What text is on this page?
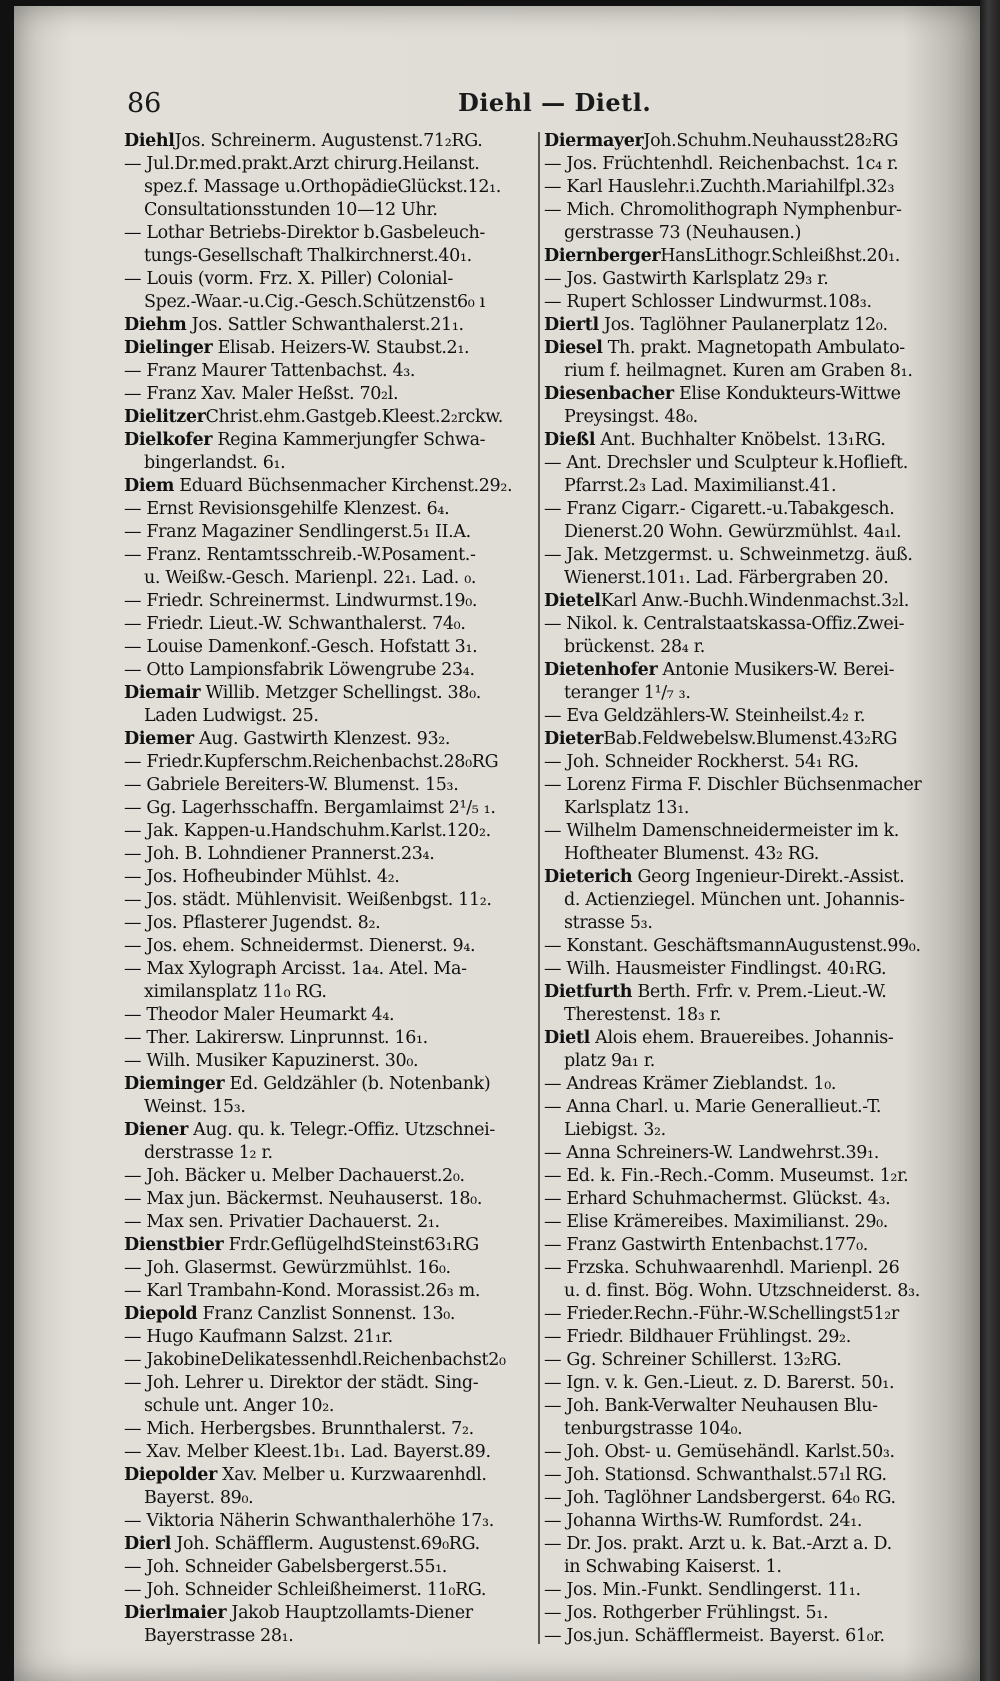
86	Diehl — Dietl.
DiehlJos. Schreinerm. Augustenst.71₂RG.
— Jul.Dr.med.prakt.Arzt chirurg.Heilanst.
spez.f. Massage u.OrthopädieGlückst.12₁.
Consultationsstunden 10—12 Uhr.
— Lothar Betriebs-Direktor b.Gasbeleuch-
tungs-Gesellschaft Thalkirchnerst.40₁.
— Louis (vorm. Frz. X. Piller) Colonial-
Spez.-Waar.-u.Cig.-Gesch.Schützenst6₀ ı
Diehm Jos. Sattler Schwanthalerst.21₁.
Dielinger Elisab. Heizers-W. Staubst.2₁.
— Franz Maurer Tattenbachst. 4₃.
— Franz Xav. Maler Heßst. 70₂l.
DielitzerChrist.ehm.Gastgeb.Kleest.2₂rckw.
Dielkofer Regina Kammerjungfer Schwa-
bingerlandst. 6₁.
Diem Eduard Büchsenmacher Kirchenst.29₂.
— Ernst Revisionsgehilfe Klenzest. 6₄.
— Franz Magaziner Sendlingerst.5₁ II.A.
— Franz. Rentamtsschreib.-W.Posament.-
u. Weißw.-Gesch. Marienpl. 22₁. Lad. ₀.
— Friedr. Schreinermst. Lindwurmst.19₀.
— Friedr. Lieut.-W. Schwanthalerst. 74₀.
— Louise Damenkonf.-Gesch. Hofstatt 3₁.
— Otto Lampionsfabrik Löwengrube 23₄.
Diemair Willib. Metzger Schellingst. 38₀.
Laden Ludwigst. 25.
Diemer Aug. Gastwirth Klenzest. 93₂.
— Friedr.Kupferschm.Reichenbachst.28₀RG
— Gabriele Bereiters-W. Blumenst. 15₃.
— Gg. Lagerhsschaffn. Bergamlaimst 2¹/₅ ₁.
— Jak. Kappen-u.Handschuhm.Karlst.120₂.
— Joh. B. Lohndiener Prannerst.23₄.
— Jos. Hofheubinder Mühlst. 4₂.
— Jos. städt. Mühlenvisit. Weißenbgst. 11₂.
— Jos. Pflasterer Jugendst. 8₂.
— Jos. ehem. Schneidermst. Dienerst. 9₄.
— Max Xylograph Arcisst. 1a₄. Atel. Ma-
ximilansplatz 11₀ RG.
— Theodor Maler Heumarkt 4₄.
— Ther. Lakirersw. Linprunnst. 16₁.
— Wilh. Musiker Kapuzinerst. 30₀.
Dieminger Ed. Geldzähler (b. Notenbank)
Weinst. 15₃.
Diener Aug. qu. k. Telegr.-Offiz. Utzschnei-
derstrasse 1₂ r.
— Joh. Bäcker u. Melber Dachauerst.2₀.
— Max jun. Bäckermst. Neuhauserst. 18₀.
— Max sen. Privatier Dachauerst. 2₁.
Dienstbier Frdr.GeflügelhdSteinst63₁RG
— Joh. Glasermst. Gewürzmühlst. 16₀.
— Karl Trambahn-Kond. Morassist.26₃ m.
Diepold Franz Canzlist Sonnenst. 13₀.
— Hugo Kaufmann Salzst. 21₁r.
— JakobineDelikatessenhdl.Reichenbachst2₀
— Joh. Lehrer u. Direktor der städt. Sing-
schule unt. Anger 10₂.
— Mich. Herbergsbes. Brunnthalerst. 7₂.
— Xav. Melber Kleest.1b₁. Lad. Bayerst.89.
Diepolder Xav. Melber u. Kurzwaarenhdl.
Bayerst. 89₀.
— Viktoria Näherin Schwanthalerhöhe 17₃.
Dierl Joh. Schäfflerm. Augustenst.69₀RG.
— Joh. Schneider Gabelsbergerst.55₁.
— Joh. Schneider Schleißheimerst. 11₀RG.
Dierlmaier Jakob Hauptzollamts-Diener
Bayerstrasse 28₁.
DiermayerJoh.Schuhm.Neuhausst28₂RG
— Jos. Früchtenhdl. Reichenbachst. 1c₄ r.
— Karl Hauslehr.i.Zuchth.Mariahilfpl.32₃
— Mich. Chromolithograph Nymphenbur-
gerstrasse 73 (Neuhausen.)
DiernbergerHansLithogr.Schleißhst.20₁.
— Jos. Gastwirth Karlsplatz 29₃ r.
— Rupert Schlosser Lindwurmst.108₃.
Diertl Jos. Taglöhner Paulanerplatz 12₀.
Diesel Th. prakt. Magnetopath Ambulato-
rium f. heilmagnet. Kuren am Graben 8₁.
Diesenbacher Elise Kondukteurs-Wittwe
Preysingst. 48₀.
Dießl Ant. Buchhalter Knöbelst. 13₁RG.
— Ant. Drechsler und Sculpteur k.Hoflieft.
Pfarrst.2₃ Lad. Maximilianst.41.
— Franz Cigarr.- Cigarett.-u.Tabakgesch.
Dienerst.20 Wohn. Gewürzmühlst. 4a₁l.
— Jak. Metzgermst. u. Schweinmetzg. äuß.
Wienerst.101₁. Lad. Färbergraben 20.
DietelKarl Anw.-Buchh.Windenmachst.3₂l.
— Nikol. k. Centralstaatskassa-Offiz.Zwei-
brückenst. 28₄ r.
Dietenhofer Antonie Musikers-W. Berei-
teranger 1¹/₇ ₃.
— Eva Geldzählers-W. Steinheilst.4₂ r.
DieterBab.Feldwebelsw.Blumenst.43₂RG
— Joh. Schneider Rockherst. 54₁ RG.
— Lorenz Firma F. Dischler Büchsenmacher
Karlsplatz 13₁.
— Wilhelm Damenschneidermeister im k.
Hoftheater Blumenst. 43₂ RG.
Dieterich Georg Ingenieur-Direkt.-Assist.
d. Actienziegel. München unt. Johannis-
strasse 5₃.
— Konstant. GeschäftsmannAugustenst.99₀.
— Wilh. Hausmeister Findlingst. 40₁RG.
Dietfurth Berth. Frfr. v. Prem.-Lieut.-W.
Therestenst. 18₃ r.
Dietl Alois ehem. Brauereibes. Johannis-
platz 9a₁ r.
— Andreas Krämer Zieblandst. 1₀.
— Anna Charl. u. Marie Generallieut.-T.
Liebigst. 3₂.
— Anna Schreiners-W. Landwehrst.39₁.
— Ed. k. Fin.-Rech.-Comm. Museumst. 1₂r.
— Erhard Schuhmachermst. Glückst. 4₃.
— Elise Krämereibes. Maximilianst. 29₀.
— Franz Gastwirth Entenbachst.177₀.
— Frzska. Schuhwaarenhdl. Marienpl. 26
u. d. finst. Bög. Wohn. Utzschneiderst. 8₃.
— Frieder.Rechn.-Führ.-W.Schellingst51₂r
— Friedr. Bildhauer Frühlingst. 29₂.
— Gg. Schreiner Schillerst. 13₂RG.
— Ign. v. k. Gen.-Lieut. z. D. Barerst. 50₁.
— Joh. Bank-Verwalter Neuhausen Blu-
tenburgstrasse 104₀.
— Joh. Obst- u. Gemüsehändl. Karlst.50₃.
— Joh. Stationsd. Schwanthalst.57₁l RG.
— Joh. Taglöhner Landsbergerst. 64₀ RG.
— Johanna Wirths-W. Rumfordst. 24₁.
— Dr. Jos. prakt. Arzt u. k. Bat.-Arzt a. D.
in Schwabing Kaiserst. 1.
— Jos. Min.-Funkt. Sendlingerst. 11₁.
— Jos. Rothgerber Frühlingst. 5₁.
— Jos.jun. Schäfflermeist. Bayerst. 61₀r.
